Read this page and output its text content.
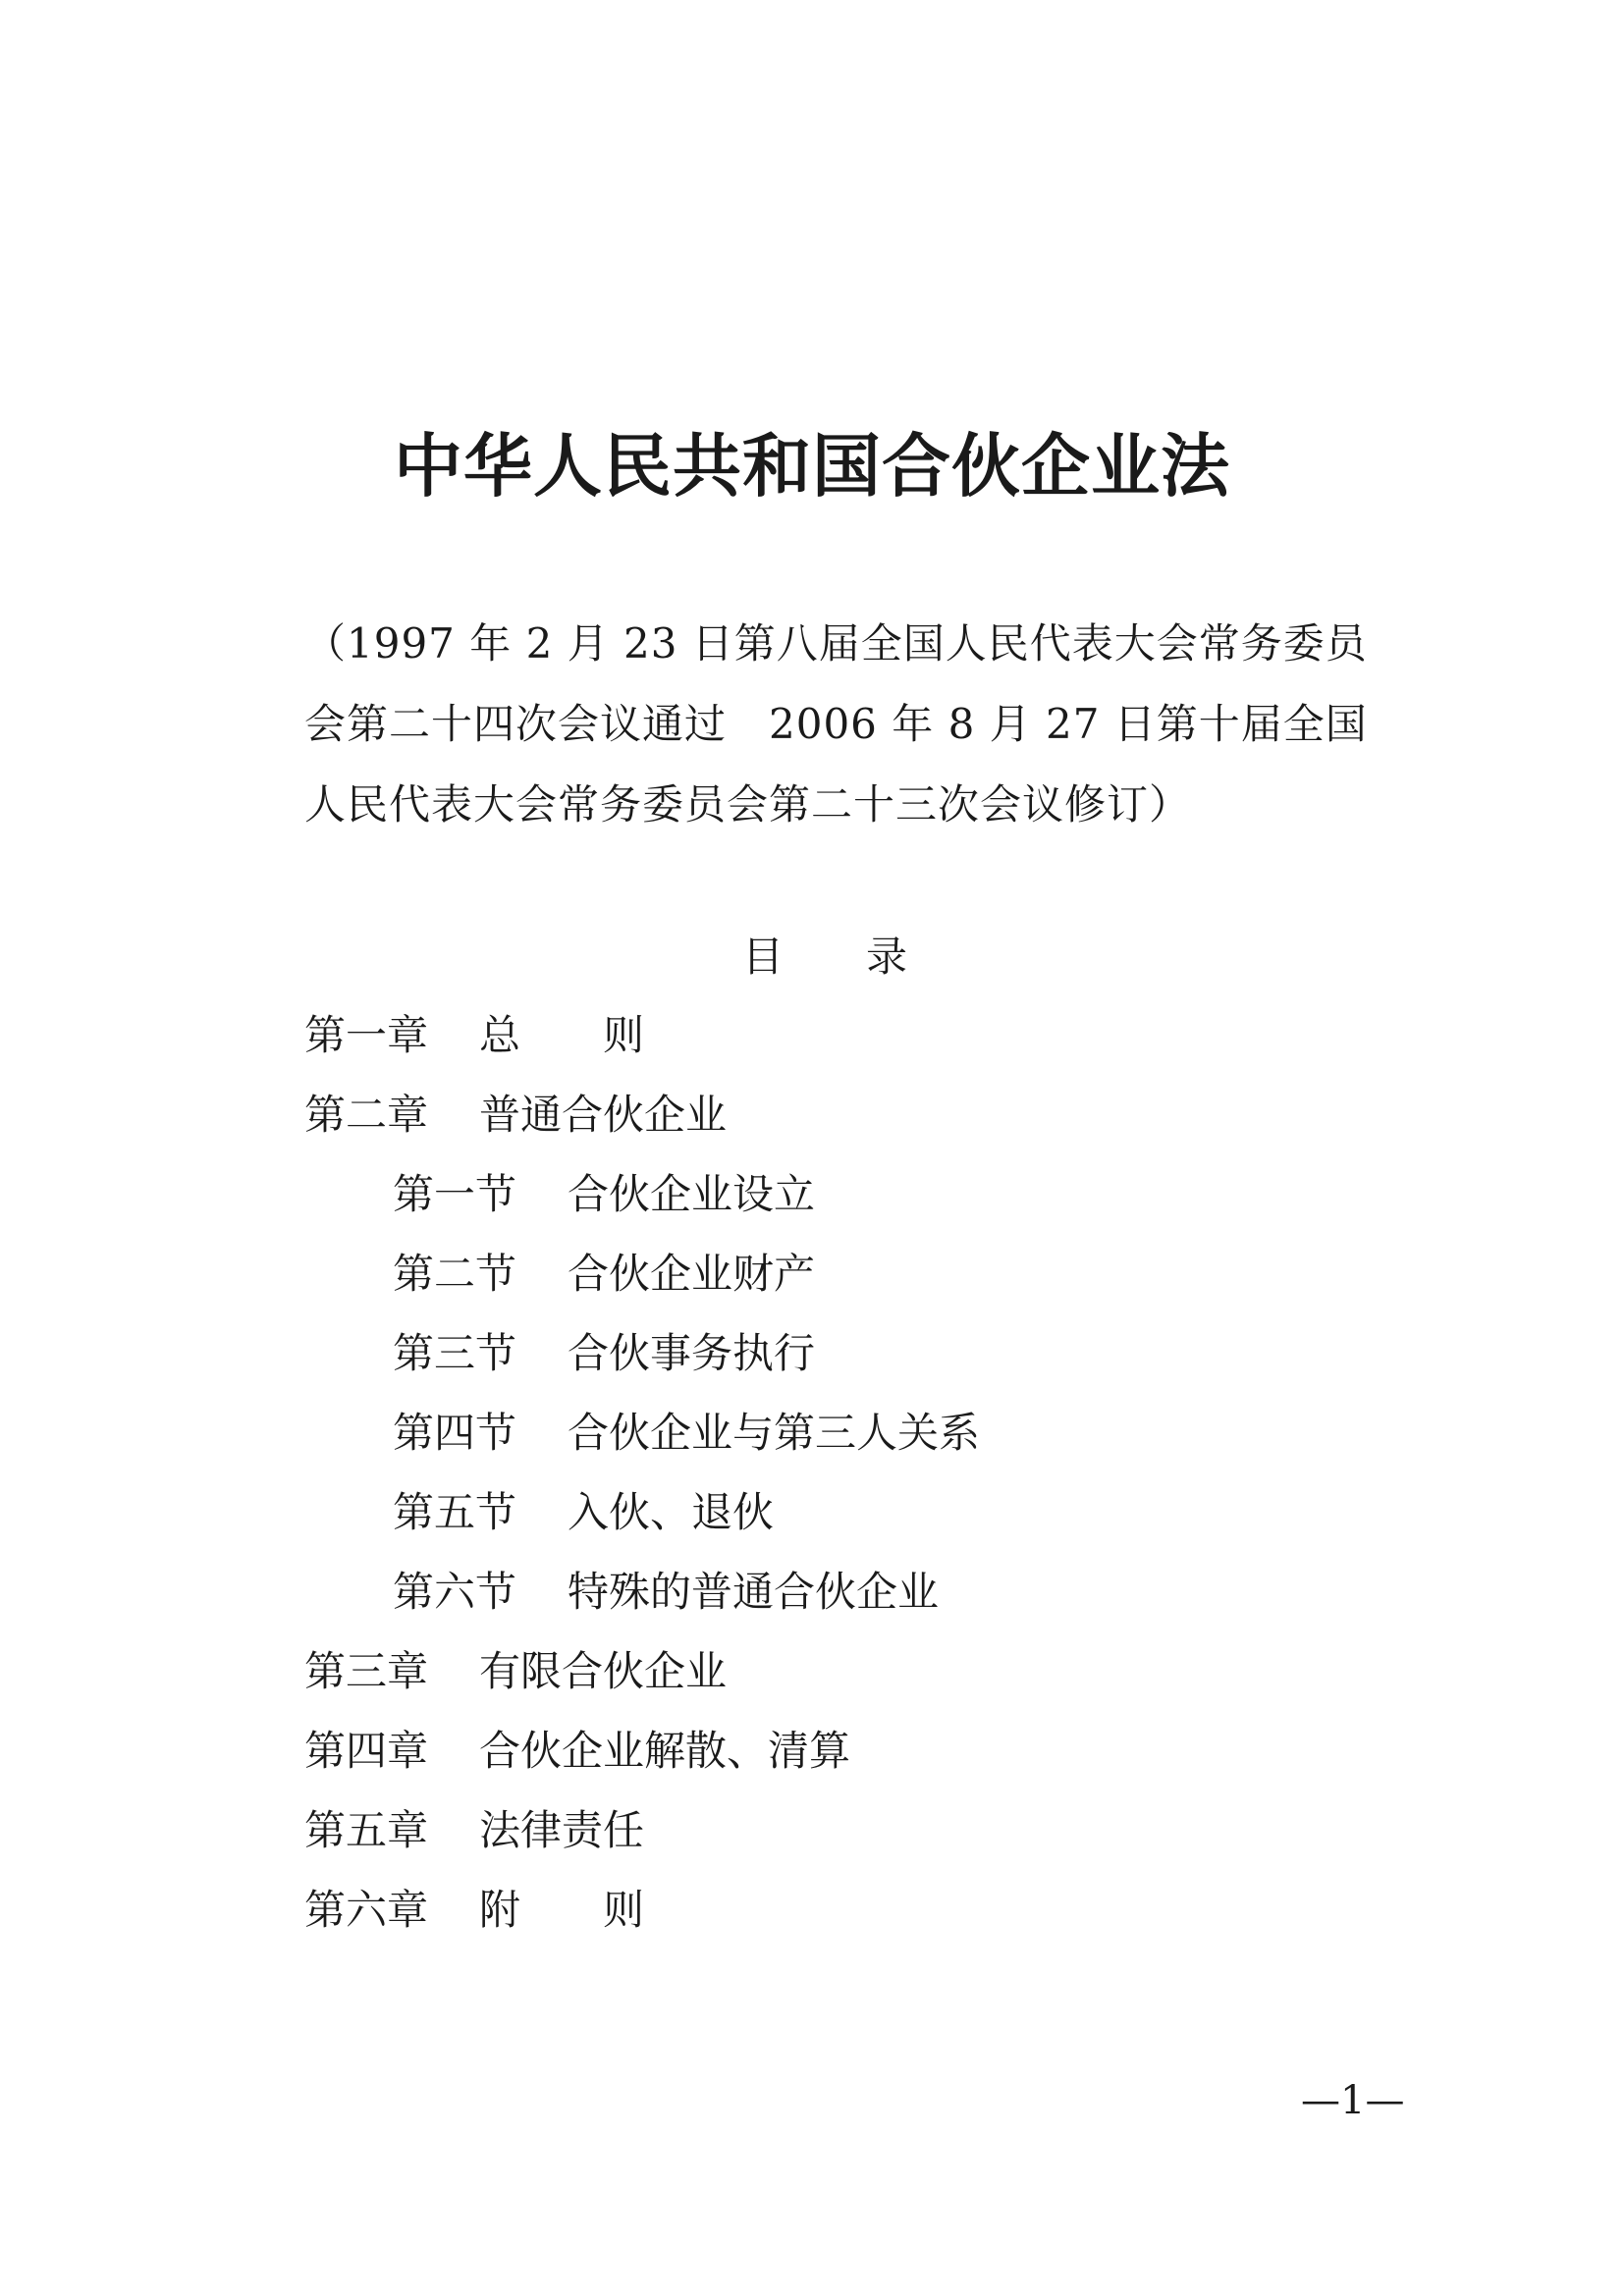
中华人民共和国合伙企业法
（1997 年 2 月 23 日第八届全国人民代表大会常务委员
会第二十四次会议通过　2006 年 8 月 27 日第十届全国
人民代表大会常务委员会第二十三次会议修订）
目　　录
第一章	总　　则
第二章	普通合伙企业
第一节	合伙企业设立
第二节	合伙企业财产
第三节	合伙事务执行
第四节	合伙企业与第三人关系
第五节	入伙、退伙
第六节	特殊的普通合伙企业
第三章	有限合伙企业
第四章	合伙企业解散、清算
第五章	法律责任
第六章	附　　则
—1—
